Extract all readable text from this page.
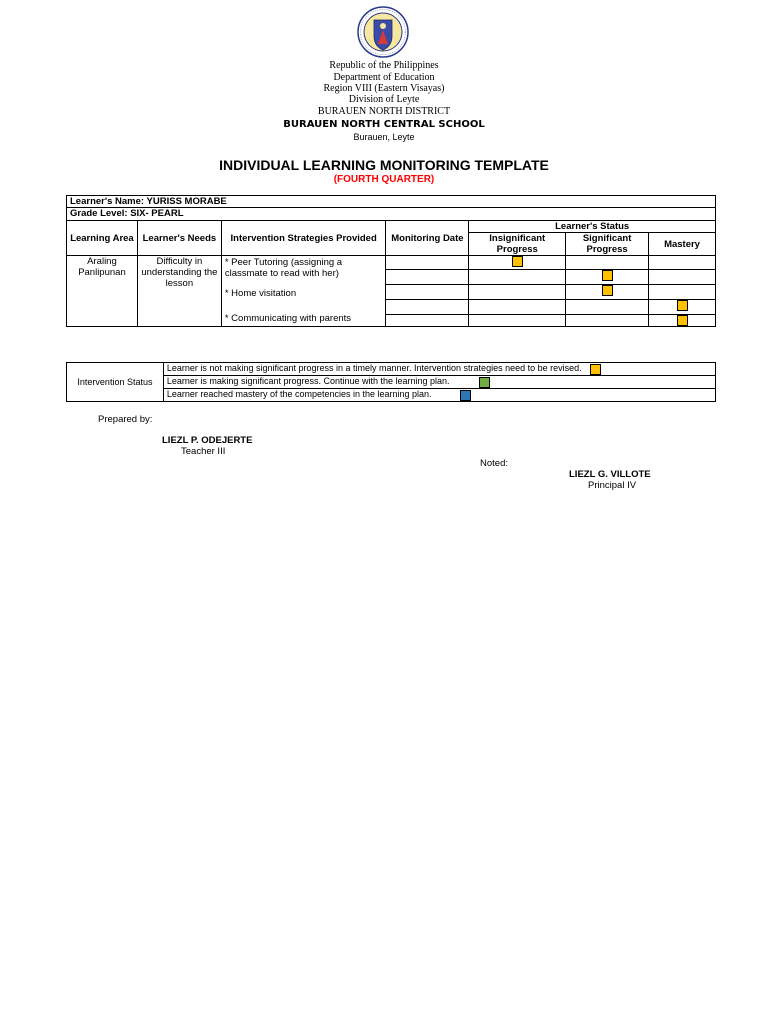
Republic of the Philippines
Department of Education
Region VIII (Eastern Visayas)
Division of Leyte
BURAUEN NORTH DISTRICT
BURAUEN NORTH CENTRAL SCHOOL
Burauen, Leyte
INDIVIDUAL LEARNING MONITORING TEMPLATE
(FOURTH QUARTER)
Learner's Name: YURISS MORABE						
Grade Level: SIX- PEARL						
Learning Area	Learner's Needs	Intervention Strategies Provided	Monitoring Date	Learner's Status		
				Insignificant Progress	Significant Progress	Mastery
Araling Panlipunan	Difficulty in understanding the lesson	* Peer Tutoring (assigning a classmate to read with her)
* Home visitation
* Communicating with parents				

Intervention Status	Learner is not making significant progress in a timely manner. Intervention strategies need to be revised.
Learner is making significant progress. Continue with the learning plan.
Learner reached mastery of the competencies in the learning plan.
Prepared by:
LIEZL P. ODEJERTE
Teacher III
Noted:
LIEZL G. VILLOTE
Principal IV
